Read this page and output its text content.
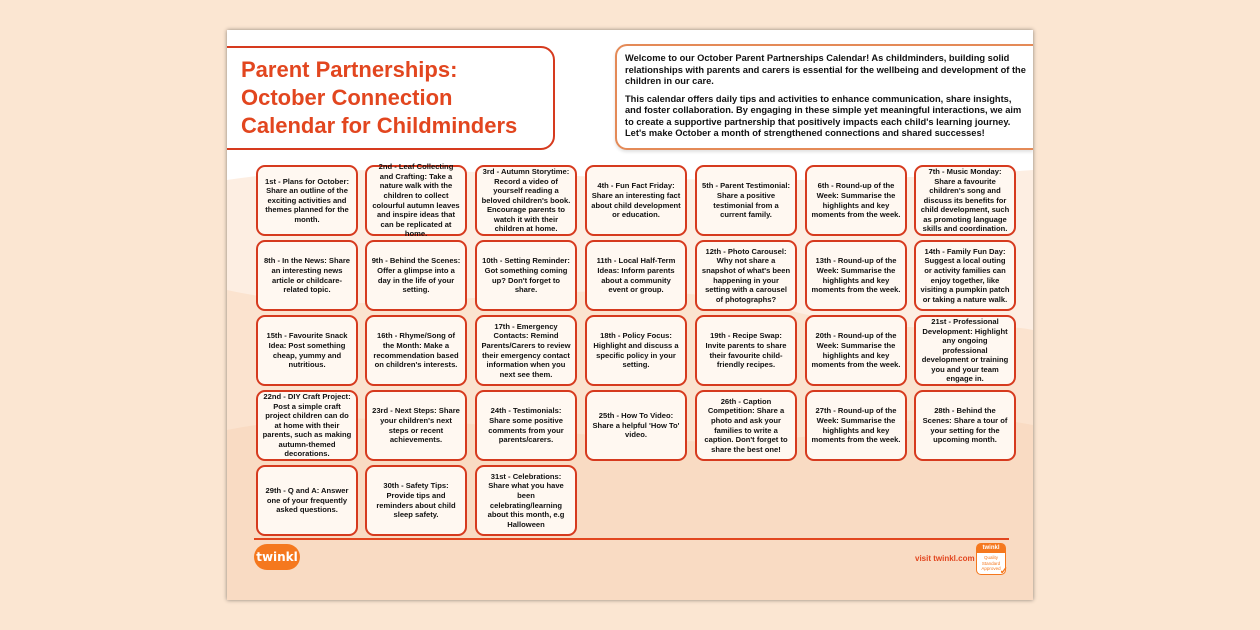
Parent Partnerships:
October Connection
Calendar for Childminders

Welcome to our October Parent Partnerships Calendar! As childminders, building solid relationships with parents and carers is essential for the wellbeing and development of the children in our care.

This calendar offers daily tips and activities to enhance communication, share insights, and foster collaboration. By engaging in these simple yet meaningful interactions, we aim to create a supportive partnership that positively impacts each child's learning journey. Let's make October a month of strengthened connections and shared successes!

1st - Plans for October: Share an outline of the exciting activities and themes planned for the month.
2nd - Leaf Collecting and Crafting: Take a nature walk with the children to collect colourful autumn leaves and inspire ideas that can be replicated at home.
3rd - Autumn Storytime: Record a video of yourself reading a beloved children's book. Encourage parents to watch it with their children at home.
4th - Fun Fact Friday: Share an interesting fact about child development or education.
5th - Parent Testimonial: Share a positive testimonial from a current family.
6th - Round-up of the Week: Summarise the highlights and key moments from the week.
7th - Music Monday: Share a favourite children's song and discuss its benefits for child development, such as promoting language skills and coordination.
8th - In the News: Share an interesting news article or childcare-related topic.
9th - Behind the Scenes: Offer a glimpse into a day in the life of your setting.
10th - Setting Reminder: Got something coming up? Don't forget to share.
11th - Local Half-Term Ideas: Inform parents about a community event or group.
12th - Photo Carousel: Why not share a snapshot of what's been happening in your setting with a carousel of photographs?
13th - Round-up of the Week: Summarise the highlights and key moments from the week.
14th - Family Fun Day: Suggest a local outing or activity families can enjoy together, like visiting a pumpkin patch or taking a nature walk.
15th - Favourite Snack Idea: Post something cheap, yummy and nutritious.
16th - Rhyme/Song of the Month: Make a recommendation based on children's interests.
17th - Emergency Contacts: Remind Parents/Carers to review their emergency contact information when you next see them.
18th - Policy Focus: Highlight and discuss a specific policy in your setting.
19th - Recipe Swap: Invite parents to share their favourite child-friendly recipes.
20th - Round-up of the Week: Summarise the highlights and key moments from the week.
21st - Professional Development: Highlight any ongoing professional development or training you and your team engage in.
22nd - DIY Craft Project: Post a simple craft project children can do at home with their parents, such as making autumn-themed decorations.
23rd - Next Steps: Share your children's next steps or recent achievements.
24th - Testimonials: Share some positive comments from your parents/carers.
25th - How To Video: Share a helpful 'How To' video.
26th - Caption Competition: Share a photo and ask your families to write a caption. Don't forget to share the best one!
27th - Round-up of the Week: Summarise the highlights and key moments from the week.
28th - Behind the Scenes: Share a tour of your setting for the upcoming month.
29th - Q and A: Answer one of your frequently asked questions.
30th - Safety Tips: Provide tips and reminders about child sleep safety.
31st - Celebrations: Share what you have been celebrating/learning about this month, e.g Halloween
twinkl	visit twinkl.com
twinkl
Quality Standard Approved
✓
